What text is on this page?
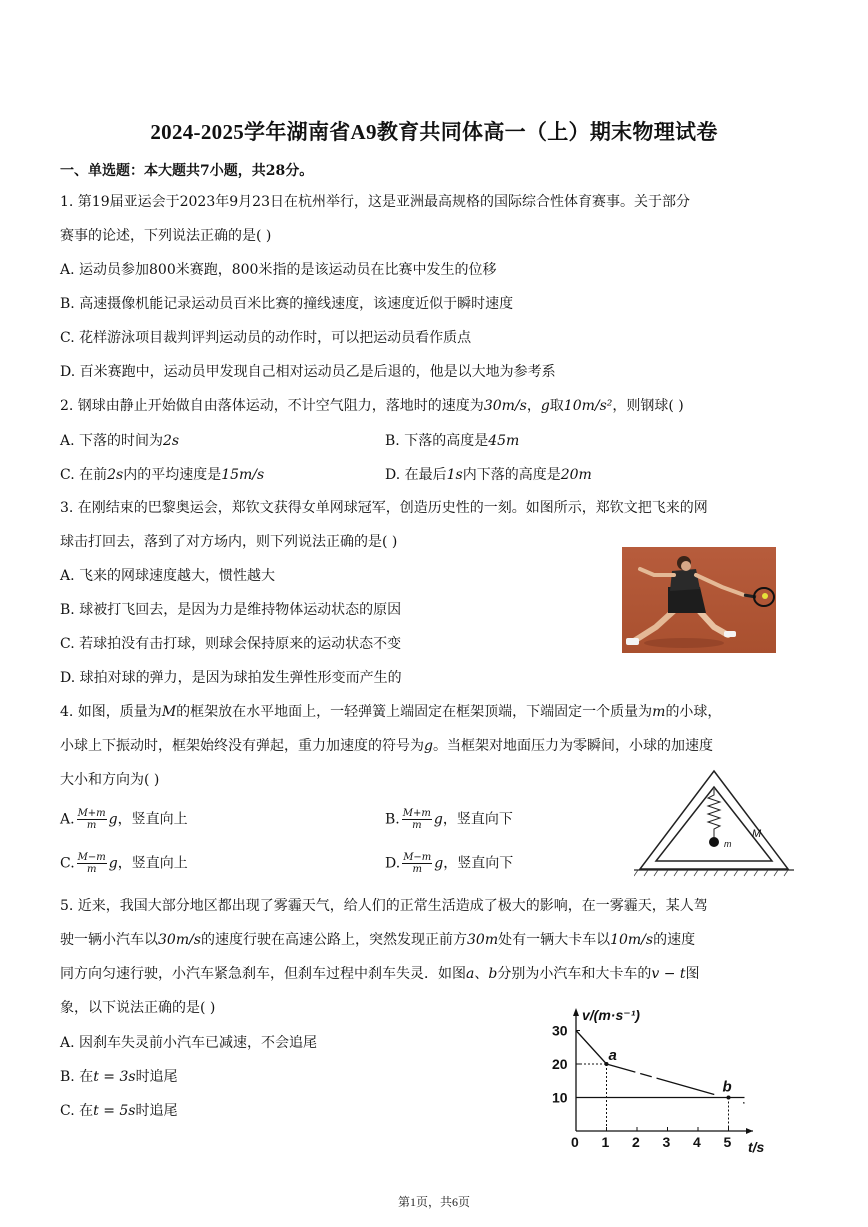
2024-2025学年湖南省A9教育共同体高一（上）期末物理试卷
一、单选题：本大题共7小题，共28分。
1. 第19届亚运会于2023年9月23日在杭州举行，这是亚洲最高规格的国际综合性体育赛事。关于部分
赛事的论述，下列说法正确的是( )
A. 运动员参加800米赛跑，800米指的是该运动员在比赛中发生的位移
B. 高速摄像机能记录运动员百米比赛的撞线速度，该速度近似于瞬时速度
C. 花样游泳项目裁判评判运动员的动作时，可以把运动员看作质点
D. 百米赛跑中，运动员甲发现自己相对运动员乙是后退的，他是以大地为参考系
2. 钢球由静止开始做自由落体运动，不计空气阻力，落地时的速度为30m/s，g取10m/s²，则钢球( )
A. 下落的时间为2s	B. 下落的高度是45m
C. 在前2s内的平均速度是15m/s	D. 在最后1s内下落的高度是20m
3. 在刚结束的巴黎奥运会，郑钦文获得女单网球冠军，创造历史性的一刻。如图所示，郑钦文把飞来的网
球击打回去，落到了对方场内，则下列说法正确的是( )
A. 飞来的网球速度越大，惯性越大
B. 球被打飞回去，是因为力是维持物体运动状态的原因
C. 若球拍没有击打球，则球会保持原来的运动状态不变
D. 球拍对球的弹力，是因为球拍发生弹性形变而产生的
4. 如图，质量为M的框架放在水平地面上，一轻弹簧上端固定在框架顶端，下端固定一个质量为m的小球，
小球上下振动时，框架始终没有弹起，重力加速度的符号为g。当框架对地面压力为零瞬间，小球的加速度
大小和方向为( )
A. $\frac{M+m}{m}$ g，竖直向上	B. $\frac{M+m}{m}$ g，竖直向下
C. $\frac{M-m}{m}$ g，竖直向上	D. $\frac{M-m}{m}$ g，竖直向下
m
M
5. 近来，我国大部分地区都出现了雾霾天气，给人们的正常生活造成了极大的影响，在一雾霾天，某人驾
驶一辆小汽车以30m/s的速度行驶在高速公路上，突然发现正前方30m处有一辆大卡车以10m/s的速度
同方向匀速行驶，小汽车紧急刹车，但刹车过程中刹车失灵．如图a、b分别为小汽车和大卡车的v − t图
象，以下说法正确的是( )
A. 因刹车失灵前小汽车已减速，不会追尾
B. 在t = 3s时追尾
C. 在t = 5s时追尾
v/(m·s⁻¹)
t/s
0 1 2 3 4 5
10
20
30
a
b
第1页，共6页
